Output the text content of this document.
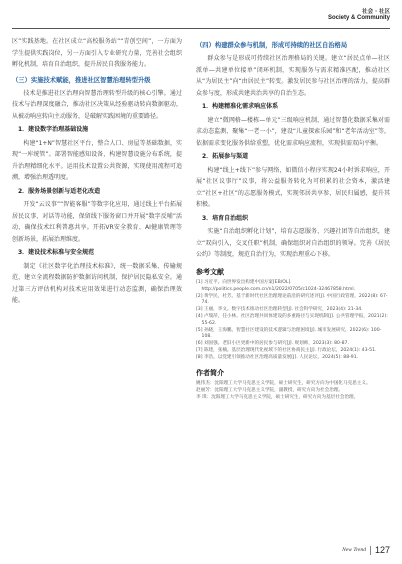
社会 · 社区
Society & Community

区”实践基地。在社区成立“高校服务站”“青创空间”，一方面为学生提供实践岗位，另一方面引入专业研究力量，完善社会组织孵化机制，培育自治组织，提升居民自我服务能力。

（三）实施技术赋能，推进社区智慧治理转型升级

技术是推进社区治理向智慧治理转型升级的核心引擎。通过技术与治理深度融合，推动社区决策从经验驱动转向数据驱动，从被动响应转向主动服务，是破解实践困境的重要路径。

1．建设数字治理基础设施

构建“1+N”智慧社区平台，整合人口、房屋等基础数据，实现“一库统管”。部署智能感知设备，构建智慧设施分布系统，提升治理精细化水平。运用技术设置公共资源，实现使用流程可追溯，增强治理透明度。

2．服务场景创新与适老化改造

开发“云议事”“智能客服”等数字化应用，通过线上平台拓展居民议事、对话等功能，保留线下服务窗口并开展“数字反哺”活动，确保技术红利普惠共享。开拓VR安全教育、AI健康管理等创新场景，拓展治理维度。

3．建设技术标准与安全规范

制定《社区数字化治理技术标准》，统一数据采集、传输规范，建立全流程数据防护数据访问机制，保护居民隐私安全。通过第三方评估机构对技术应用效果进行动态监测，确保治理效能。

（四）构建群众参与机制，形成可持续的社区自治格局

群众参与是形成可持续社区治理格局的关键。建立“居民点单—社区派单—共建单位接单”闭环机制，实现服务与需求精准匹配，推动社区从“为居民主”向“由居民主”转变。激发居民参与社区治理的活力，提高群众参与度，形成共建共治共享的自治生态。

1．构建精准化需求响应体系

建立“微网格—楼栋—单元”三级响应机制，通过智慧化数据采集对需求动态监测，聚集“一老一小”，建设“儿童探索乐园”和“老年活动室”等，依据需求变化服务供给重塑，优化需求响应流程，实现供需双向平衡。

2．拓展参与渠道

构建“线上+线下”参与网络，如微信小程序实现24小时诉求响应，开展“社区议事厅”议事，将公益服务转化为可积累的社会资本，激活建立“社区+社区”的志愿服务模式，实现邻居共享参，居民归属感，提升其积极。

3．培育自治组织

实施“自治组织孵化计划”，培育志愿服务、兴趣社团等自治组织，建立“双向引入，交叉任职”机制，确保组织对自治组织的领导。完善《居民公约》等制度，规范自治行为，实现治理重心下移。

参考文献
[1] 习近平。向世界发出构建中国方案[EB/OL]. http://politics.people.com.cn/n1/2022/0705/c1024-32467858.html.
[2] 黄学民，杜芳。基于新时代社区治理理论前沿的研究述评[J]. 中国行政管理，2022(8): 67-74.
[3] 王丽，李文。数字技术推动社区治理转型[J]. 社会科学研究，2023(4): 21-34.
[4] 卢瑞萍，任小林。社区治理共同体建设的多重路径与实现机制[J]. 公共管理学报，2021(2): 55-62.
[5] 孙晓，王海鹏。智慧社区建设的技术逻辑与治理困境[J]. 城市发展研究，2022(6): 100-108.
[6] 刘国强。老旧小区更新中的居民参与研究[J]. 规划师，2023(3): 80-87.
[7] 陈建，张楠。基层治理现代化视域下的社区协商民主[J]. 行政论坛，2024(1): 43-51.
[8] 李浩。以党建引领推动社区治理高质量发展[J]. 人民论坛，2024(5): 88-91.
作者简介
姚伟杰：沈阳理工大学马克思主义学院，硕士研究生，研究方向为中国化马克思主义。
赵丽芳：沈阳理工大学马克思主义学院，副教授，研究方向为社会治理。
李 琪：沈阳理工大学马克思主义学院，硕士研究生，研究方向为基层社会治理。
New Trend 127
